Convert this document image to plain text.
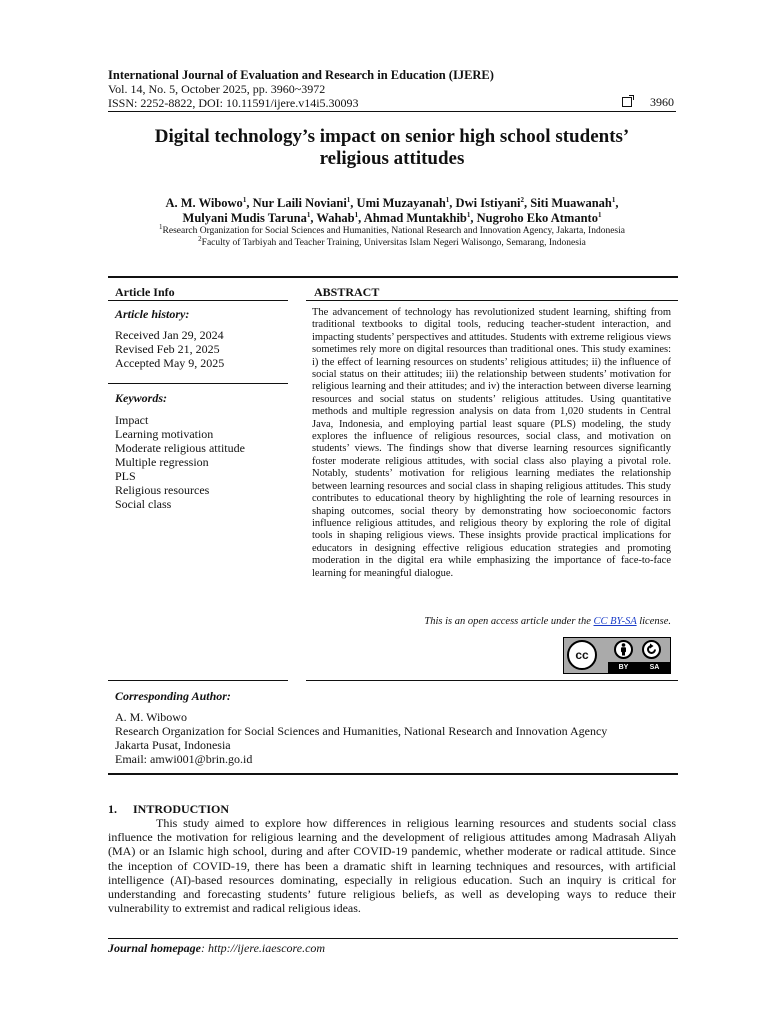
International Journal of Evaluation and Research in Education (IJERE)
Vol. 14, No. 5, October 2025, pp. 3960~3972
ISSN: 2252-8822, DOI: 10.11591/ijere.v14i5.30093	3960
Digital technology’s impact on senior high school students’
religious attitudes
A. M. Wibowo$^1$, Nur Laili Noviani$^1$, Umi Muzayanah$^1$, Dwi Istiyani$^2$, Siti Muawanah$^1$,
Mulyani Mudis Taruna$^1$, Wahab$^1$, Ahmad Muntakhib$^1$, Nugroho Eko Atmanto$^1$
$^1$Research Organization for Social Sciences and Humanities, National Research and Innovation Agency, Jakarta, Indonesia
$^2$Faculty of Tarbiyah and Teacher Training, Universitas Islam Negeri Walisongo, Semarang, Indonesia
Article Info	ABSTRACT
Article history:
Received Jan 29, 2024
Revised Feb 21, 2025
Accepted May 9, 2025
Keywords:
Impact
Learning motivation
Moderate religious attitude
Multiple regression
PLS
Religious resources
Social class
The advancement of technology has revolutionized student learning, shifting from traditional textbooks to digital tools, reducing teacher-student interaction, and impacting students’ perspectives and attitudes. Students with extreme religious views sometimes rely more on digital resources than traditional ones. This study examines: i) the effect of learning resources on students’ religious attitudes; ii) the influence of social status on their attitudes; iii) the relationship between students’ motivation for religious learning and their attitudes; and iv) the interaction between diverse learning resources and social status on students’ religious attitudes. Using quantitative methods and multiple regression analysis on data from 1,020 students in Central Java, Indonesia, and employing partial least square (PLS) modeling, the study explores the influence of religious resources, social class, and motivation on students’ views. The findings show that diverse learning resources significantly foster moderate religious attitudes, with social class also playing a pivotal role. Notably, students’ motivation for religious learning mediates the relationship between learning resources and social class in shaping religious attitudes. This study contributes to educational theory by highlighting the role of learning resources in shaping outcomes, social theory by demonstrating how socioeconomic factors influence religious attitudes, and religious theory by exploring the role of digital tools in shaping religious views. These insights provide practical implications for educators in designing effective religious education strategies and promoting moderation in the digital era while emphasizing the importance of face-to-face learning for meaningful dialogue.
This is an open access article under the CC BY-SA license.
cc
BY	SA
Corresponding Author:
A. M. Wibowo
Research Organization for Social Sciences and Humanities, National Research and Innovation Agency
Jakarta Pusat, Indonesia
Email: amwi001@brin.go.id
1. INTRODUCTION
This study aimed to explore how differences in religious learning resources and students social class influence the motivation for religious learning and the development of religious attitudes among Madrasah Aliyah (MA) or an Islamic high school, during and after COVID-19 pandemic, whether moderate or radical attitude. Since the inception of COVID-19, there has been a dramatic shift in learning techniques and resources, with artificial intelligence (AI)-based resources dominating, especially in religious education. Such an inquiry is critical for understanding and forecasting students’ future religious beliefs, as well as developing ways to reduce their vulnerability to extremist and radical religious ideas.
Journal homepage: http://ijere.iaescore.com
